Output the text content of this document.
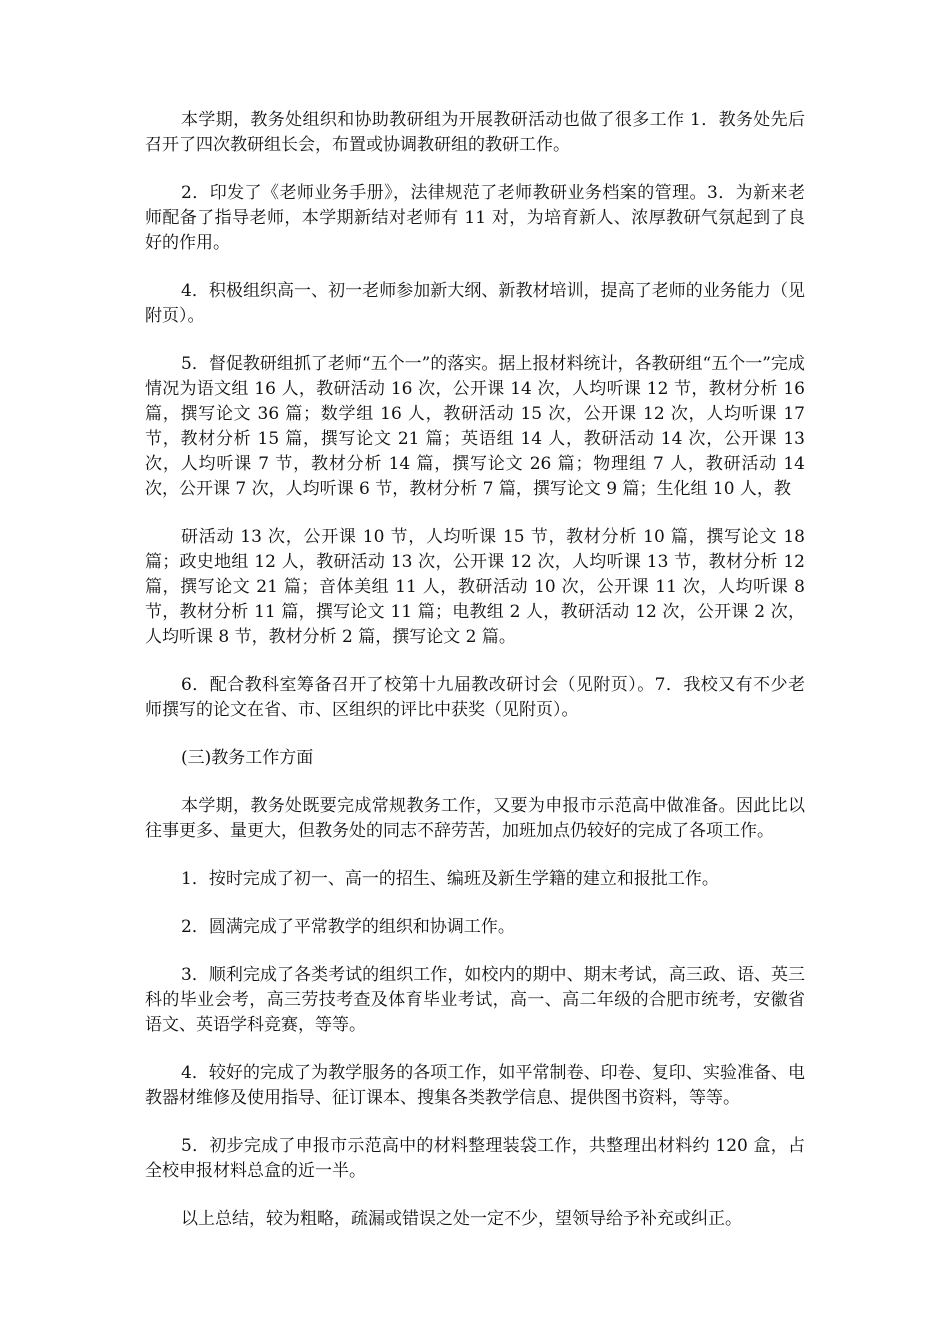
本学期，教务处组织和协助教研组为开展教研活动也做了很多工作 1．教务处先后召开了四次教研组长会，布置或协调教研组的教研工作。

2．印发了《老师业务手册》，法律规范了老师教研业务档案的管理。3．为新来老师配备了指导老师，本学期新结对老师有 11 对，为培育新人、浓厚教研气氛起到了良好的作用。

4．积极组织高一、初一老师参加新大纲、新教材培训，提高了老师的业务能力（见附页）。

5．督促教研组抓了老师“五个一”的落实。据上报材料统计，各教研组“五个一”完成情况为语文组 16 人，教研活动 16 次，公开课 14 次，人均听课 12 节，教材分析 16 篇，撰写论文 36 篇；数学组 16 人，教研活动 15 次，公开课 12 次，人均听课 17 节，教材分析 15 篇，撰写论文 21 篇；英语组 14 人，教研活动 14 次，公开课 13 次，人均听课 7 节，教材分析 14 篇，撰写论文 26 篇；物理组 7 人，教研活动 14 次，公开课 7 次，人均听课 6 节，教材分析 7 篇，撰写论文 9 篇；生化组 10 人，教

研活动 13 次，公开课 10 节，人均听课 15 节，教材分析 10 篇，撰写论文 18 篇；政史地组 12 人，教研活动 13 次，公开课 12 次，人均听课 13 节，教材分析 12 篇，撰写论文 21 篇；音体美组 11 人，教研活动 10 次，公开课 11 次，人均听课 8 节，教材分析 11 篇，撰写论文 11 篇；电教组 2 人，教研活动 12 次，公开课 2 次，人均听课 8 节，教材分析 2 篇，撰写论文 2 篇。

6．配合教科室筹备召开了校第十九届教改研讨会（见附页）。7．我校又有不少老师撰写的论文在省、市、区组织的评比中获奖（见附页）。

(三)教务工作方面

本学期，教务处既要完成常规教务工作，又要为申报市示范高中做准备。因此比以往事更多、量更大，但教务处的同志不辞劳苦，加班加点仍较好的完成了各项工作。

1．按时完成了初一、高一的招生、编班及新生学籍的建立和报批工作。

2．圆满完成了平常教学的组织和协调工作。

3．顺利完成了各类考试的组织工作，如校内的期中、期末考试，高三政、语、英三科的毕业会考，高三劳技考查及体育毕业考试，高一、高二年级的合肥市统考，安徽省语文、英语学科竞赛，等等。

4．较好的完成了为教学服务的各项工作，如平常制卷、印卷、复印、实验准备、电教器材维修及使用指导、征订课本、搜集各类教学信息、提供图书资料，等等。

5．初步完成了申报市示范高中的材料整理装袋工作，共整理出材料约 120 盒，占全校申报材料总盒的近一半。

以上总结，较为粗略，疏漏或错误之处一定不少，望领导给予补充或纠正。
